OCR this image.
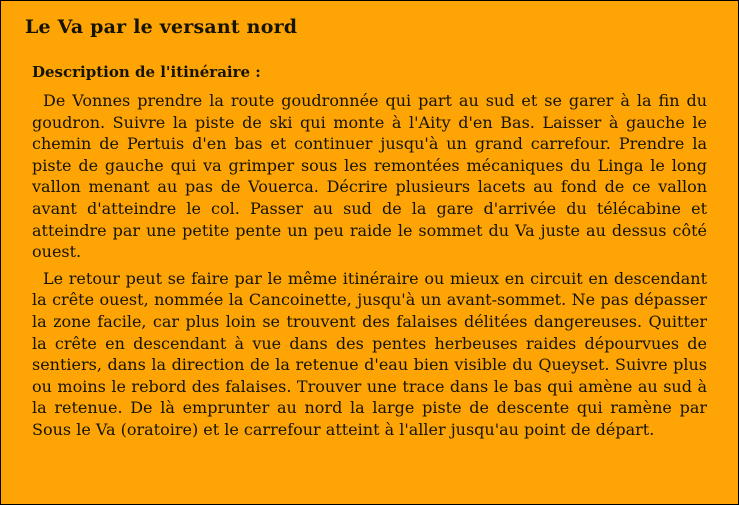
Le Va par le versant nord
Description de l'itinéraire :

De Vonnes prendre la route goudronnée qui part au sud et se garer à la fin du goudron. Suivre la piste de ski qui monte à l'Aity d'en Bas. Laisser à gauche le chemin de Pertuis d'en bas et continuer jusqu'à un grand carrefour. Prendre la piste de gauche qui va grimper sous les remontées mécaniques du Linga le long vallon menant au pas de Vouerca. Décrire plusieurs lacets au fond de ce vallon avant d'atteindre le col. Passer au sud de la gare d'arrivée du télécabine et atteindre par une petite pente un peu raide le sommet du Va juste au dessus côté ouest.

Le retour peut se faire par le même itinéraire ou mieux en circuit en descendant la crête ouest, nommée la Cancoinette, jusqu'à un avant-sommet. Ne pas dépasser la zone facile, car plus loin se trouvent des falaises délitées dangereuses. Quitter la crête en descendant à vue dans des pentes herbeuses raides dépourvues de sentiers, dans la direction de la retenue d'eau bien visible du Queyset. Suivre plus ou moins le rebord des falaises. Trouver une trace dans le bas qui amène au sud à la retenue. De là emprunter au nord la large piste de descente qui ramène par Sous le Va (oratoire) et le carrefour atteint à l'aller jusqu'au point de départ.
